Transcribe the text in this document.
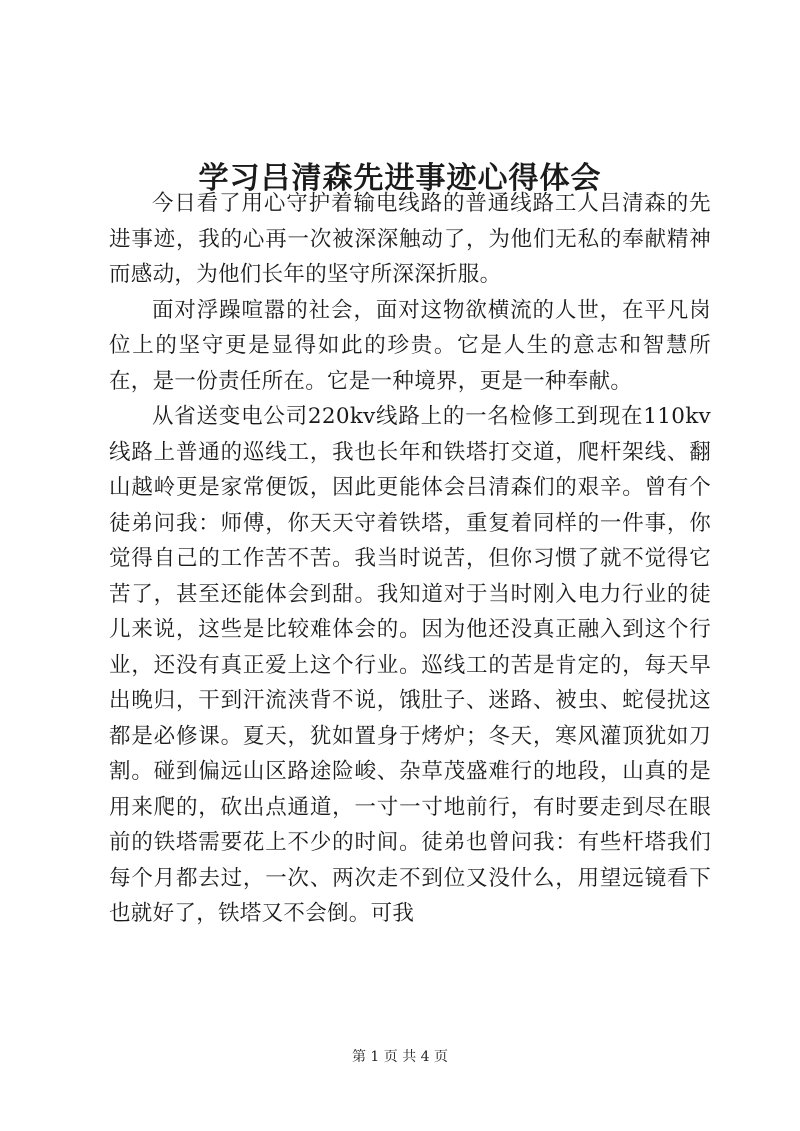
学习吕清森先进事迹心得体会

今日看了用心守护着输电线路的普通线路工人吕清森的先进事迹，我的心再一次被深深触动了，为他们无私的奉献精神而感动，为他们长年的坚守所深深折服。

面对浮躁喧嚣的社会，面对这物欲横流的人世，在平凡岗位上的坚守更是显得如此的珍贵。它是人生的意志和智慧所在，是一份责任所在。它是一种境界，更是一种奉献。

从省送变电公司220kv线路上的一名检修工到现在110kv线路上普通的巡线工，我也长年和铁塔打交道，爬杆架线、翻山越岭更是家常便饭，因此更能体会吕清森们的艰辛。曾有个徒弟问我：师傅，你天天守着铁塔，重复着同样的一件事，你觉得自己的工作苦不苦。我当时说苦，但你习惯了就不觉得它苦了，甚至还能体会到甜。我知道对于当时刚入电力行业的徒儿来说，这些是比较难体会的。因为他还没真正融入到这个行业，还没有真正爱上这个行业。巡线工的苦是肯定的，每天早出晚归，干到汗流浃背不说，饿肚子、迷路、被虫、蛇侵扰这都是必修课。夏天，犹如置身于烤炉；冬天，寒风灌顶犹如刀割。碰到偏远山区路途险峻、杂草茂盛难行的地段，山真的是用来爬的，砍出点通道，一寸一寸地前行，有时要走到尽在眼前的铁塔需要花上不少的时间。徒弟也曾问我：有些杆塔我们每个月都去过，一次、两次走不到位又没什么，用望远镜看下也就好了，铁塔又不会倒。可我

第 1 页 共 4 页
